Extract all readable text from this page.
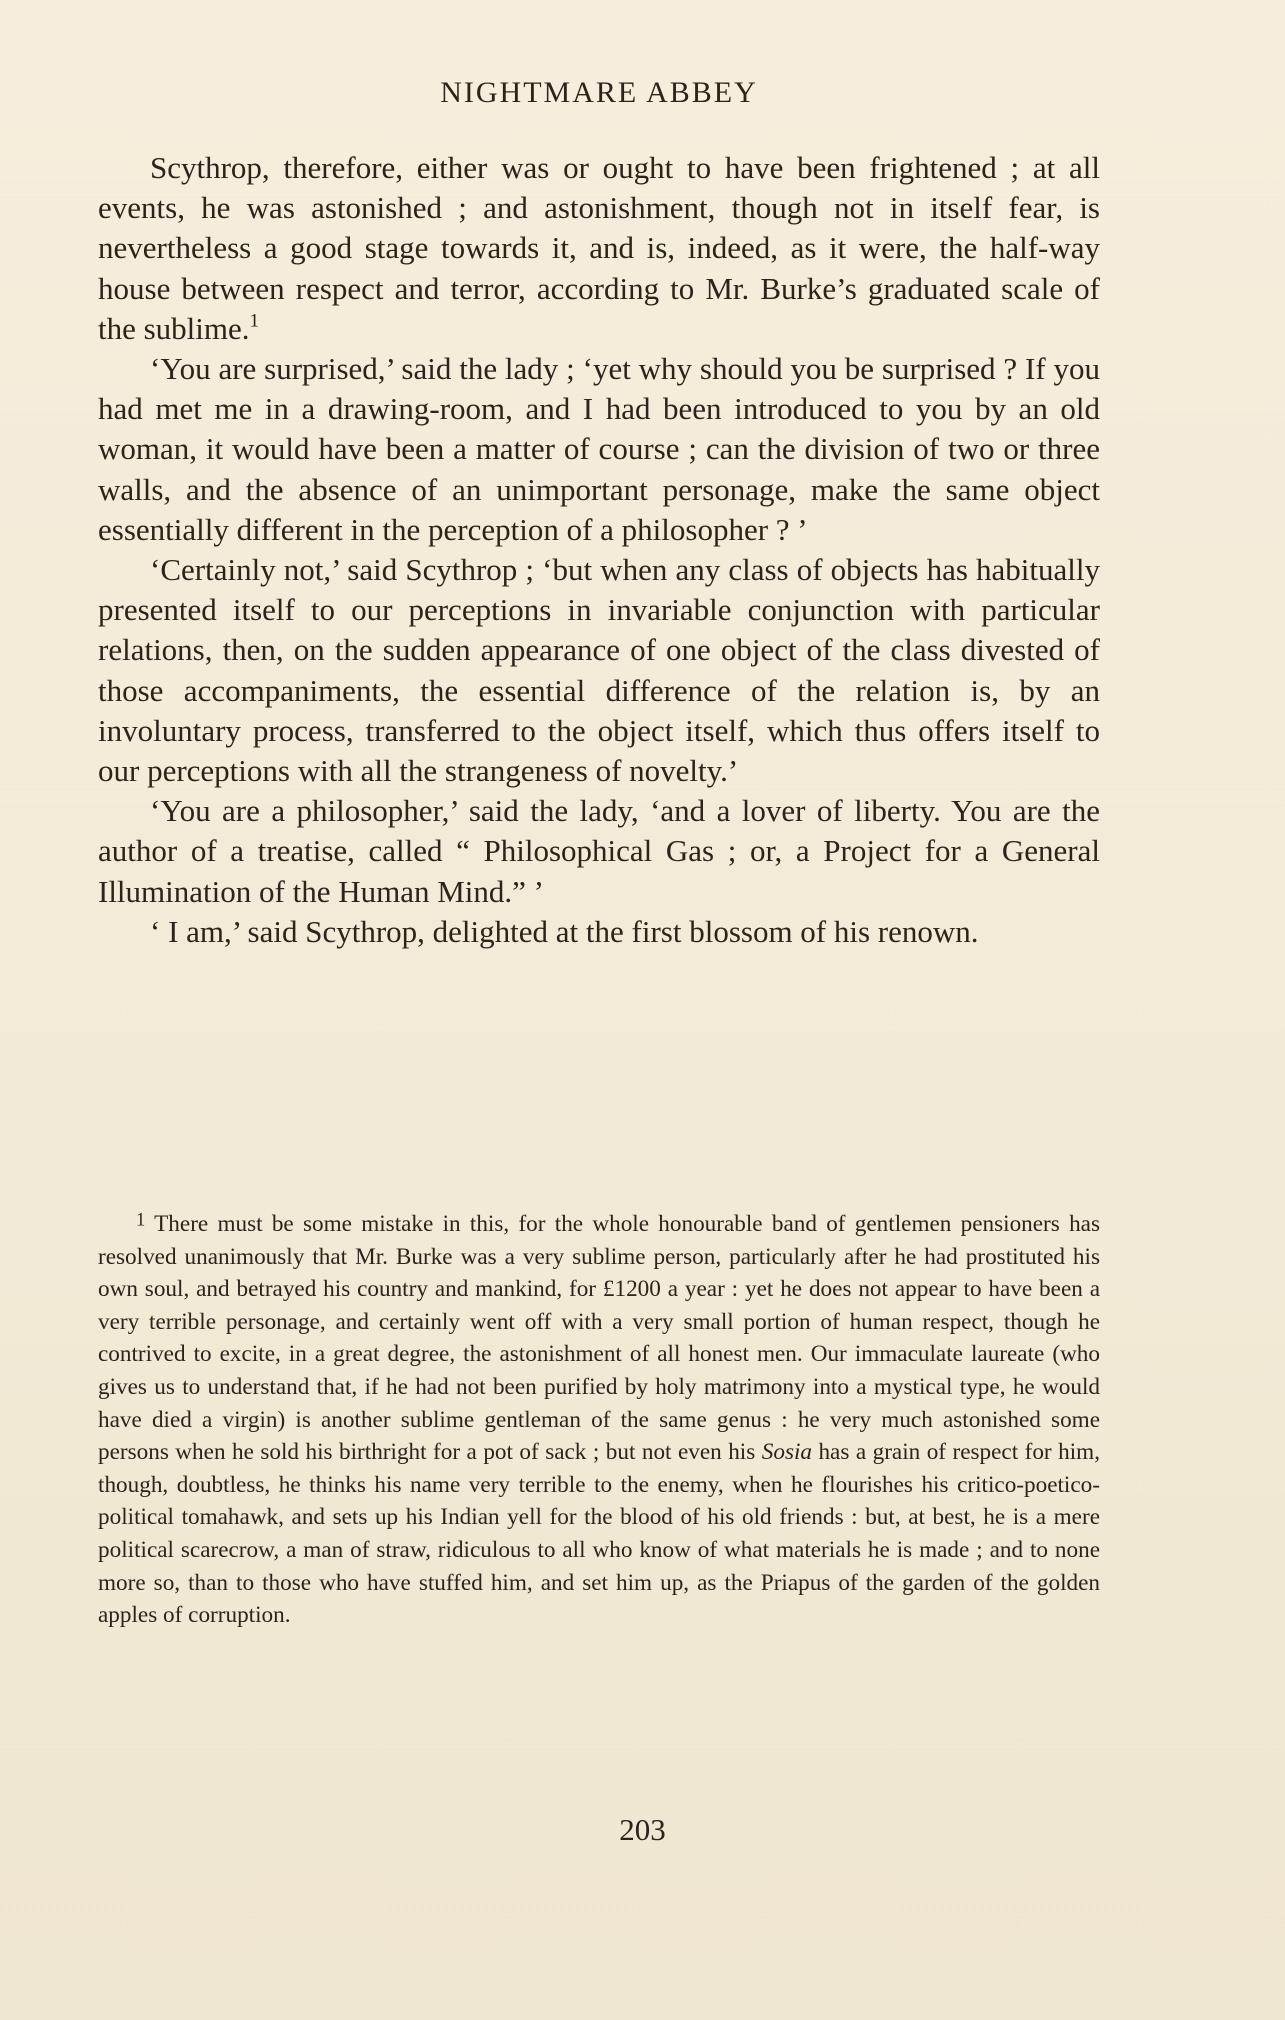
NIGHTMARE ABBEY

Scythrop, therefore, either was or ought to have been frightened ; at all events, he was astonished ; and astonishment, though not in itself fear, is nevertheless a good stage towards it, and is, indeed, as it were, the half-way house between respect and terror, according to Mr. Burke’s graduated scale of the sublime.$^1$

‘You are surprised,’ said the lady ; ‘yet why should you be surprised ? If you had met me in a drawing-room, and I had been introduced to you by an old woman, it would have been a matter of course ; can the division of two or three walls, and the absence of an unimportant personage, make the same object essentially different in the perception of a philosopher ? ’

‘Certainly not,’ said Scythrop ; ‘but when any class of objects has habitually presented itself to our perceptions in invariable conjunction with particular relations, then, on the sudden appearance of one object of the class divested of those accompaniments, the essential difference of the relation is, by an involuntary process, transferred to the object itself, which thus offers itself to our perceptions with all the strangeness of novelty.’

‘You are a philosopher,’ said the lady, ‘and a lover of liberty. You are the author of a treatise, called “ Philosophical Gas ; or, a Project for a General Illumination of the Human Mind.” ’

‘ I am,’ said Scythrop, delighted at the first blossom of his renown.

$^1$ There must be some mistake in this, for the whole honourable band of gentlemen pensioners has resolved unanimously that Mr. Burke was a very sublime person, particularly after he had prostituted his own soul, and betrayed his country and mankind, for £1200 a year : yet he does not appear to have been a very terrible personage, and certainly went off with a very small portion of human respect, though he contrived to excite, in a great degree, the astonishment of all honest men. Our immaculate laureate (who gives us to understand that, if he had not been purified by holy matrimony into a mystical type, he would have died a virgin) is another sublime gentleman of the same genus : he very much astonished some persons when he sold his birthright for a pot of sack ; but not even his Sosia has a grain of respect for him, though, doubtless, he thinks his name very terrible to the enemy, when he flourishes his critico-poetico-political tomahawk, and sets up his Indian yell for the blood of his old friends : but, at best, he is a mere political scarecrow, a man of straw, ridiculous to all who know of what materials he is made ; and to none more so, than to those who have stuffed him, and set him up, as the Priapus of the garden of the golden apples of corruption.

203
